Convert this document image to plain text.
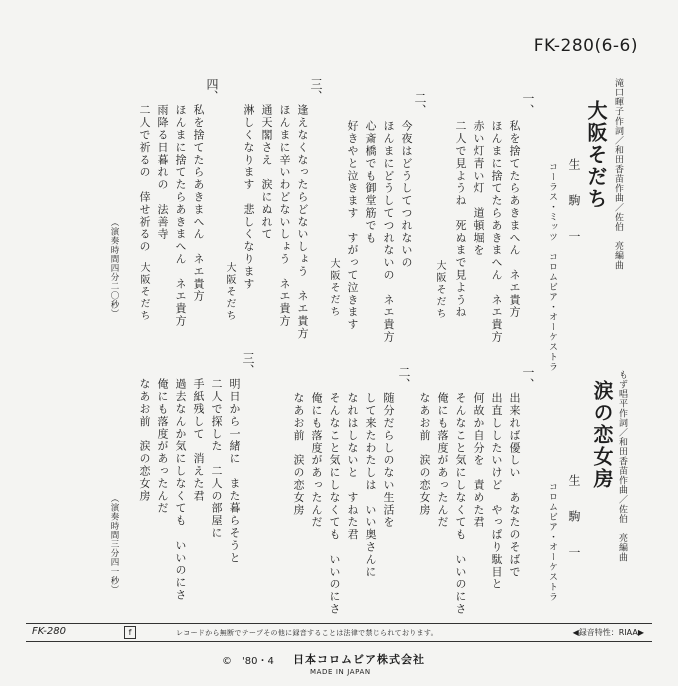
FK-280(6-6)
滝口暉子作詞／和田香苗作曲／佐伯　亮編曲
大阪そだち
生　駒　一
コーラス・ミッツ　コロムビア・オーケストラ
一、
私を捨てたらあきまへん　ネエ貴方
ほんまに捨てたらあきまへん　ネエ貴方
赤い灯青い灯　道頓堀を
二人で見ようね　死ぬまで見ようね
大阪そだち
二、
今夜はどうしてつれないの
ほんまにどうしてつれないの　ネエ貴方
心斎橋でも御堂筋でも
好きやと泣きます　すがって泣きます
大阪そだち
三、
逢えなくなったらどないしょう　ネエ貴方
ほんまに辛いわどないしょう　ネエ貴方
通天閣さえ　涙にぬれて
淋しくなります　悲しくなります
大阪そだち
四、
私を捨てたらあきまへん　ネエ貴方
ほんまに捨てたらあきまへん　ネエ貴方
雨降る日暮れの　法善寺
二人で祈るの　倖せ祈るの
大阪そだち
（演奏時間四分二〇秒）
もず唱平作詞／和田香苗作曲／佐伯　亮編曲
涙の恋女房
生　駒　一
コロムビア・オーケストラ
一、
出来れば優しい　あなたのそばで
出直ししたいけど　やっぱり駄目と
何故か自分を　責めた君
そんなこと気にしなくても　いいのにさ
俺にも落度があったんだ
なあお前　涙の恋女房
二、
随分だらしのない生活を
して来たわたしは　いい奥さんに
なれはしないと　すねた君
そんなこと気にしなくても　いいのにさ
俺にも落度があったんだ
なあお前　涙の恋女房
三、
明日から一緒に　また暮らそうと
二人で探した　二人の部屋に
手紙残して　消えた君
過去なんか気にしなくても　いいのにさ
俺にも落度があったんだ
なあお前　涙の恋女房
（演奏時間三分四一秒）
FK-280	f	レコードから無断でテープその他に録音することは法律で禁じられております。	◀録音特性：RIAA▶
©　'80・4 日本コロムビア株式会社
MADE IN JAPAN
